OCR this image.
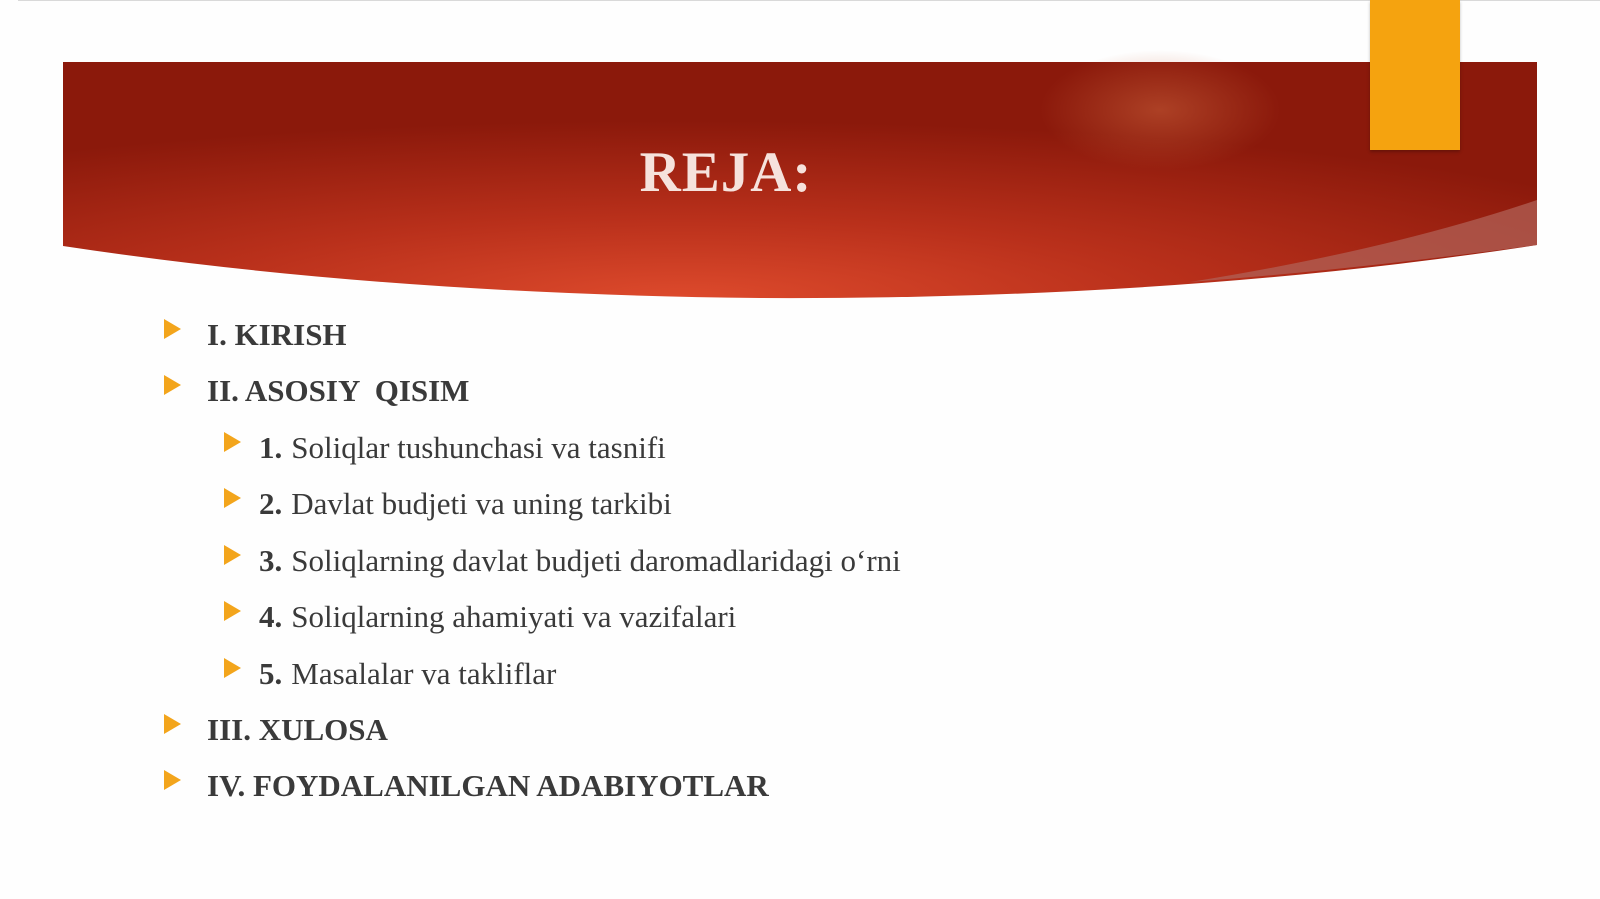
REJA:
I. KIRISH
II. ASOSIY  QISIM
1. Soliqlar tushunchasi va tasnifi
2. Davlat budjeti va uning tarkibi
3. Soliqlarning davlat budjeti daromadlaridagi o‘rni
4. Soliqlarning ahamiyati va vazifalari
5. Masalalar va takliflar
III. XULOSA
IV. FOYDALANILGAN ADABIYOTLAR
